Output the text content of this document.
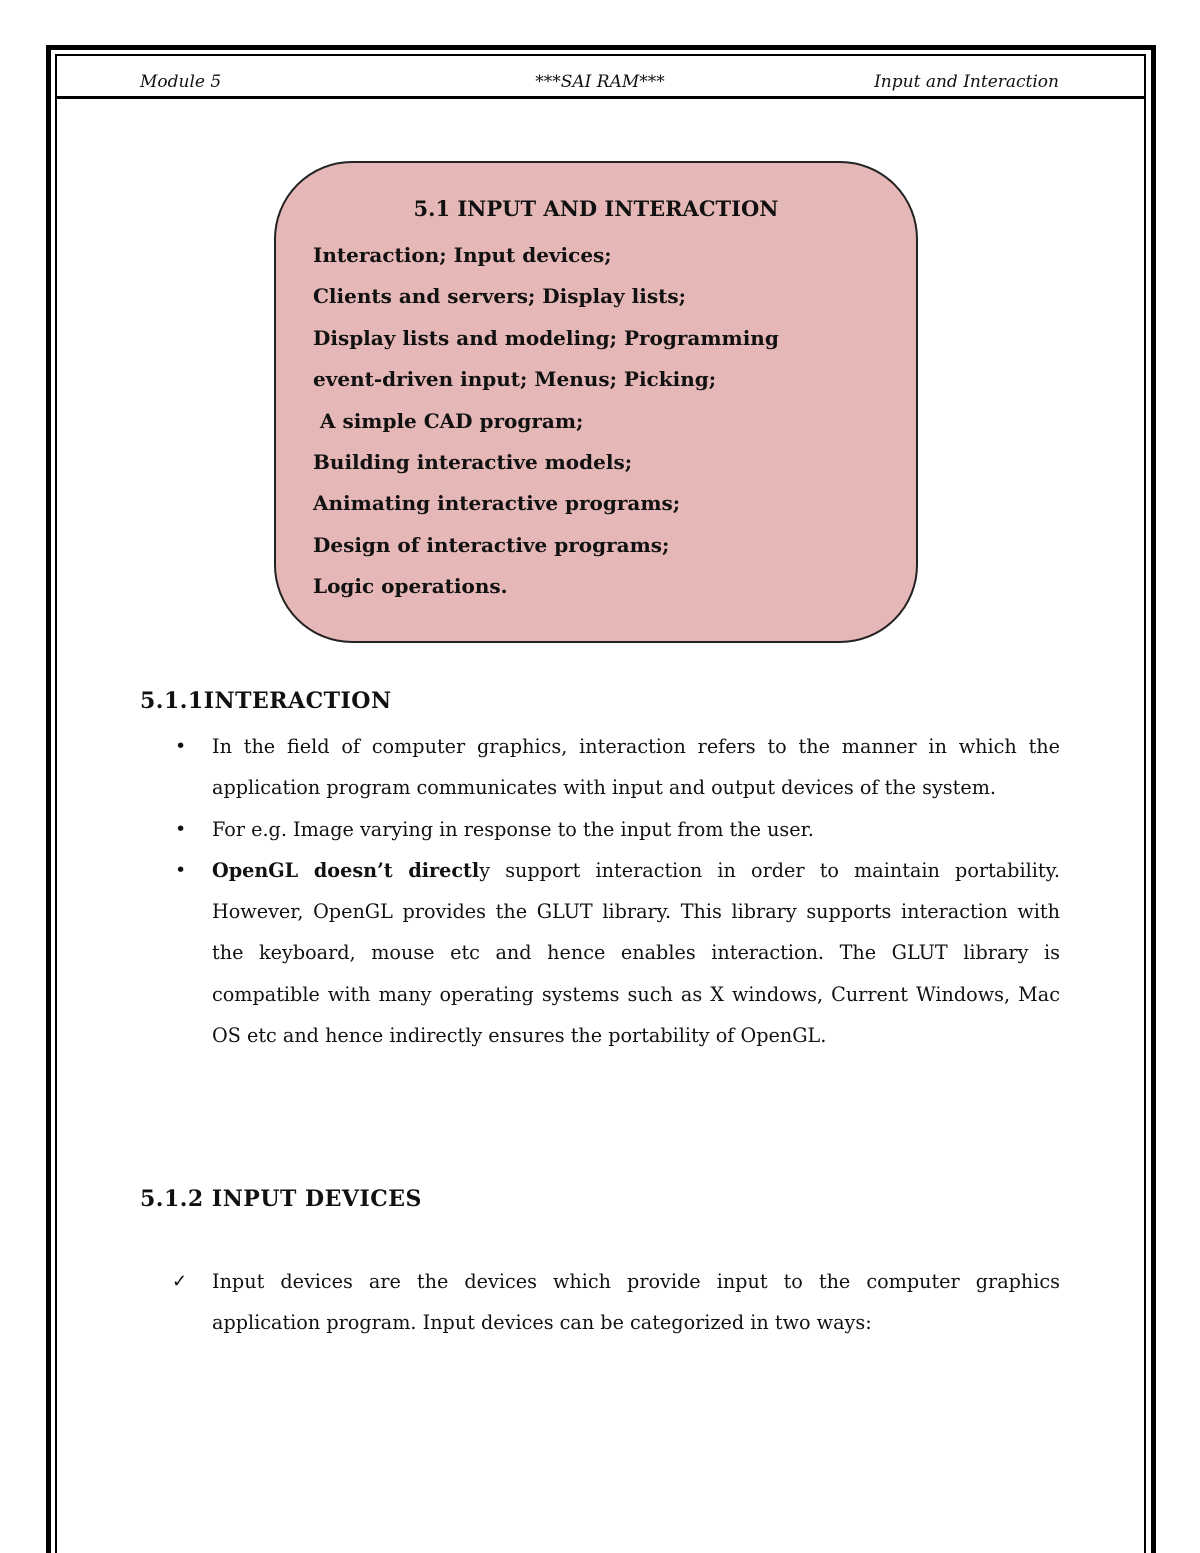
***SAI RAM***
Module 5	Input and Interaction
5.1 INPUT AND INTERACTION
Interaction; Input devices;
Clients and servers; Display lists;
Display lists and modeling; Programming
event-driven input; Menus; Picking;
A simple CAD program;
Building interactive models;
Animating interactive programs;
Design of interactive programs;
Logic operations.
5.1.1INTERACTION
• In the field of computer graphics, interaction refers to the manner in which the application program communicates with input and output devices of the system.
• For e.g. Image varying in response to the input from the user.
• OpenGL doesn’t directly support interaction in order to maintain portability. However, OpenGL provides the GLUT library. This library supports interaction with the keyboard, mouse etc and hence enables interaction. The GLUT library is compatible with many operating systems such as X windows, Current Windows, Mac OS etc and hence indirectly ensures the portability of OpenGL.
5.1.2 INPUT DEVICES
✓ Input devices are the devices which provide input to the computer graphics application program. Input devices can be categorized in two ways:
